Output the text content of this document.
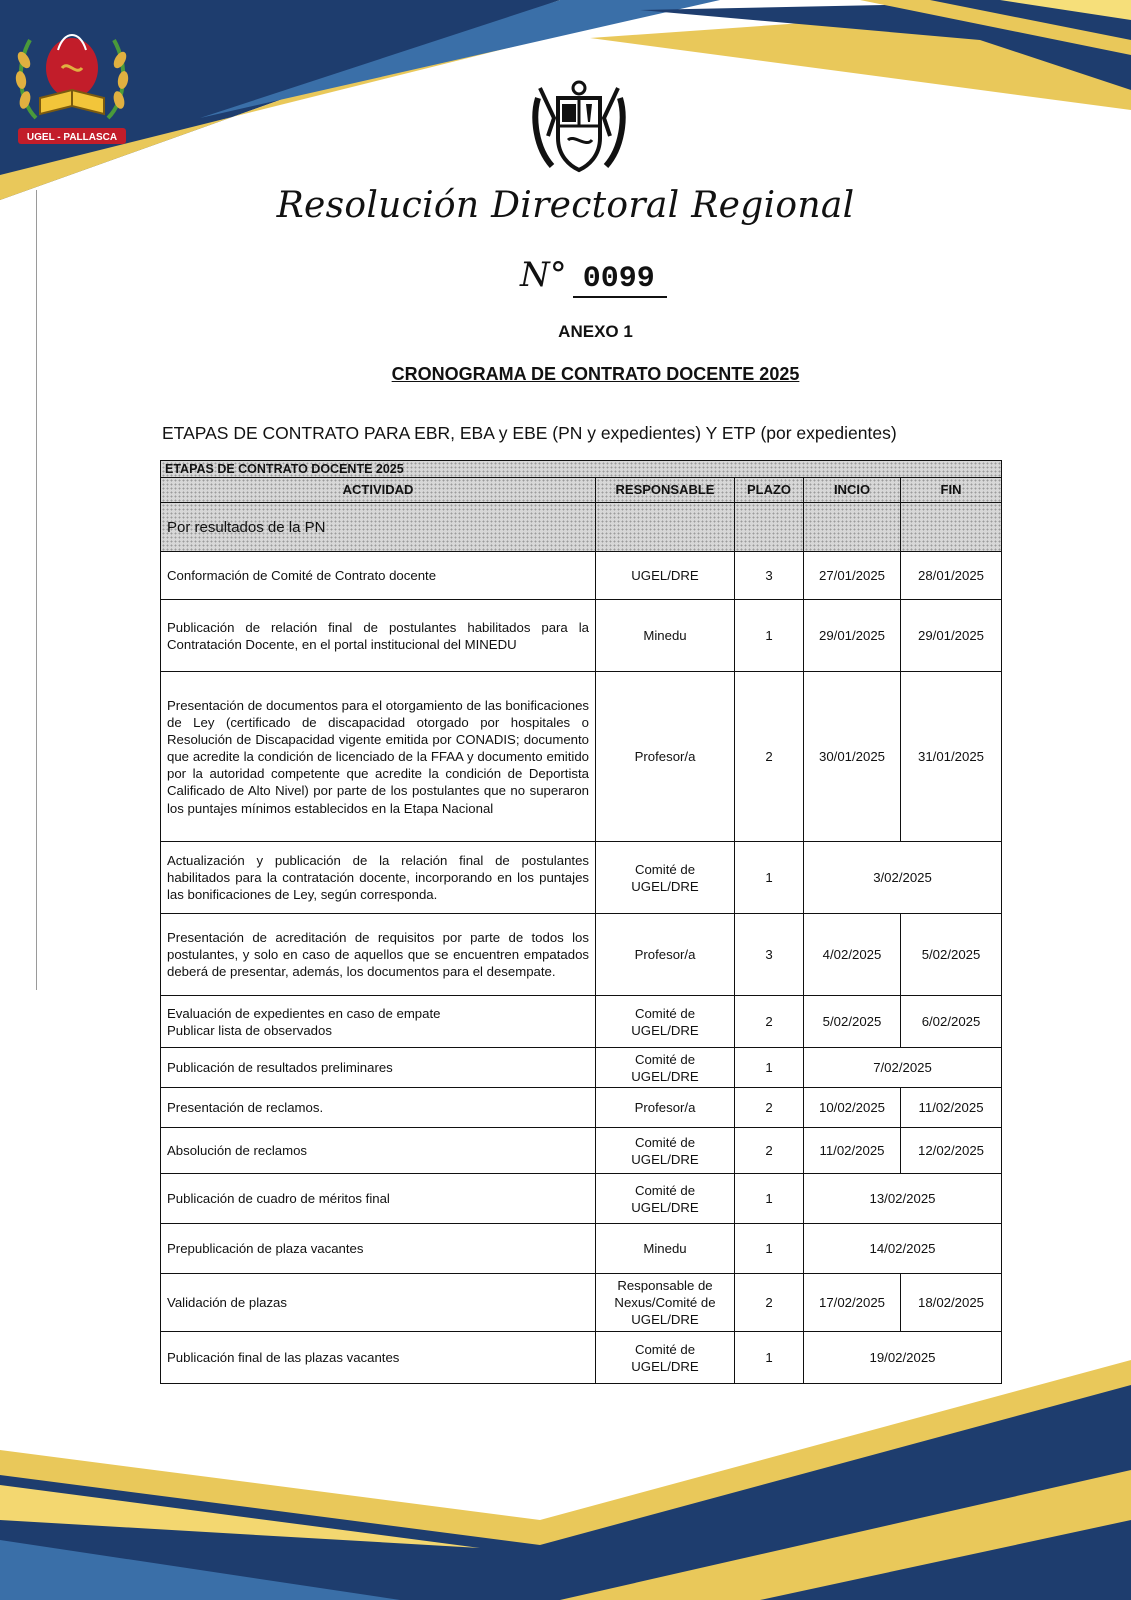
UGEL - PALLASCA
Resolución Directoral Regional
N° 0099
ANEXO 1
CRONOGRAMA DE CONTRATO DOCENTE 2025
ETAPAS DE CONTRATO PARA EBR, EBA y EBE (PN y expedientes) Y ETP (por expedientes)
ETAPAS DE CONTRATO DOCENTE 2025				
ACTIVIDAD	RESPONSABLE	PLAZO	INCIO	FIN
Por resultados de la PN				
Conformación de Comité de Contrato docente	UGEL/DRE	3	27/01/2025	28/01/2025
Publicación de relación final de postulantes habilitados para la Contratación Docente, en el portal institucional del MINEDU	Minedu	1	29/01/2025	29/01/2025
Presentación de documentos para el otorgamiento de las bonificaciones de Ley (certificado de discapacidad otorgado por hospitales o Resolución de Discapacidad vigente emitida por CONADIS; documento que acredite la condición de licenciado de la FFAA y documento emitido por la autoridad competente que acredite la condición de Deportista Calificado de Alto Nivel) por parte de los postulantes que no superaron los puntajes mínimos establecidos en la Etapa Nacional	Profesor/a	2	30/01/2025	31/01/2025
Actualización y publicación de la relación final de postulantes habilitados para la contratación docente, incorporando en los puntajes las bonificaciones de Ley, según corresponda.	Comité de UGEL/DRE	1	3/02/2025	
Presentación de acreditación de requisitos por parte de todos los postulantes, y solo en caso de aquellos que se encuentren empatados deberá de presentar, además, los documentos para el desempate.	Profesor/a	3	4/02/2025	5/02/2025
Evaluación de expedientes en caso de empate
Publicar lista de observados	Comité de UGEL/DRE	2	5/02/2025	6/02/2025
Publicación de resultados preliminares	Comité de UGEL/DRE	1	7/02/2025	
Presentación de reclamos.	Profesor/a	2	10/02/2025	11/02/2025
Absolución de reclamos	Comité de UGEL/DRE	2	11/02/2025	12/02/2025
Publicación de cuadro de méritos final	Comité de UGEL/DRE	1	13/02/2025	
Prepublicación de plaza vacantes	Minedu	1	14/02/2025	
Validación de plazas	Responsable de Nexus/Comité de UGEL/DRE	2	17/02/2025	18/02/2025
Publicación final de las plazas vacantes	Comité de UGEL/DRE	1	19/02/2025	
